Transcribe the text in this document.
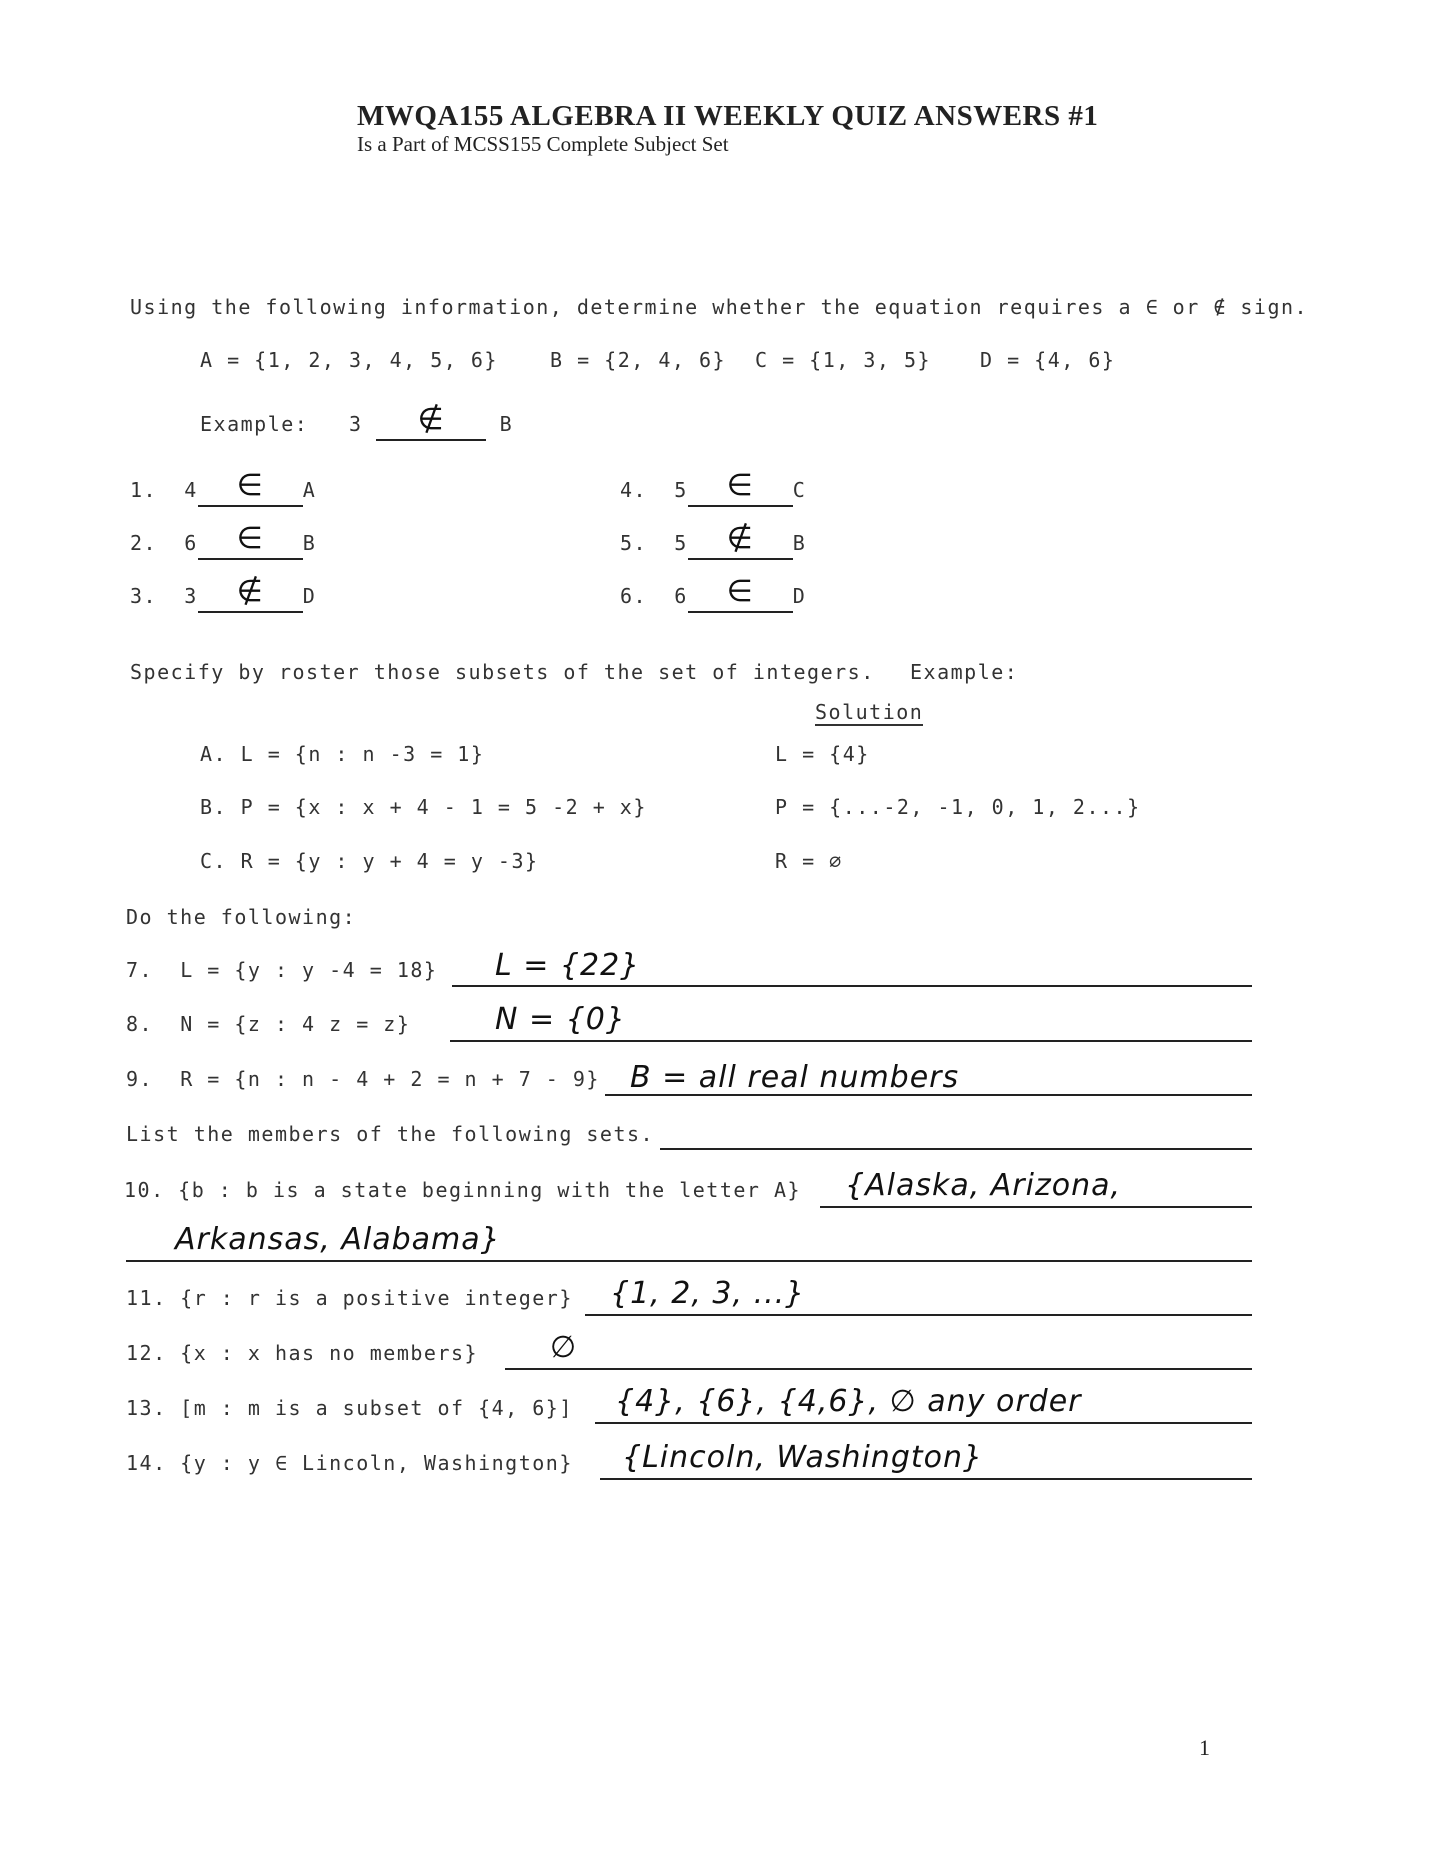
MWQA155 ALGEBRA II WEEKLY QUIZ ANSWERS #1
Is a Part of MCSS155 Complete Subject Set
Using the following information, determine whether the equation requires a ∈ or ∉ sign.
A = {1, 2, 3, 4, 5, 6}	B = {2, 4, 6} C = {1, 3, 5} D = {4, 6}
Example: 3 ∉	B
1. 4 ∈ A
2. 6 ∈ B
3. 3 ∉ D
4. 5 ∈ C
5. 5 ∉ B
6. 6 ∈ D
Specify by roster those subsets of the set of integers. Example:
Solution
A. L = {n : n -3 = 1}	L = {4}
B. P = {x : x + 4 - 1 = 5 -2 + x}	P = {...-2, -1, 0, 1, 2...}
C. R = {y : y + 4 = y -3}	R = ∅
Do the following:
7. L = {y : y -4 = 18} L = {22}
8. N = {z : 4 z = z}	N = {0}
9. R = {n : n - 4 + 2 = n + 7 - 9} B = all real numbers
List the members of the following sets.
10. {b : b is a state beginning with the letter A} {Alaska, Arizona,
Arkansas, Alabama}
11. {r : r is a positive integer} {1, 2, 3, ...}
12. {x : x has no members} ∅
13. [m : m is a subset of {4, 6}] {4}, {6}, {4,6}, ∅ any order
14. {y : y ∈ Lincoln, Washington} {Lincoln, Washington}
1
